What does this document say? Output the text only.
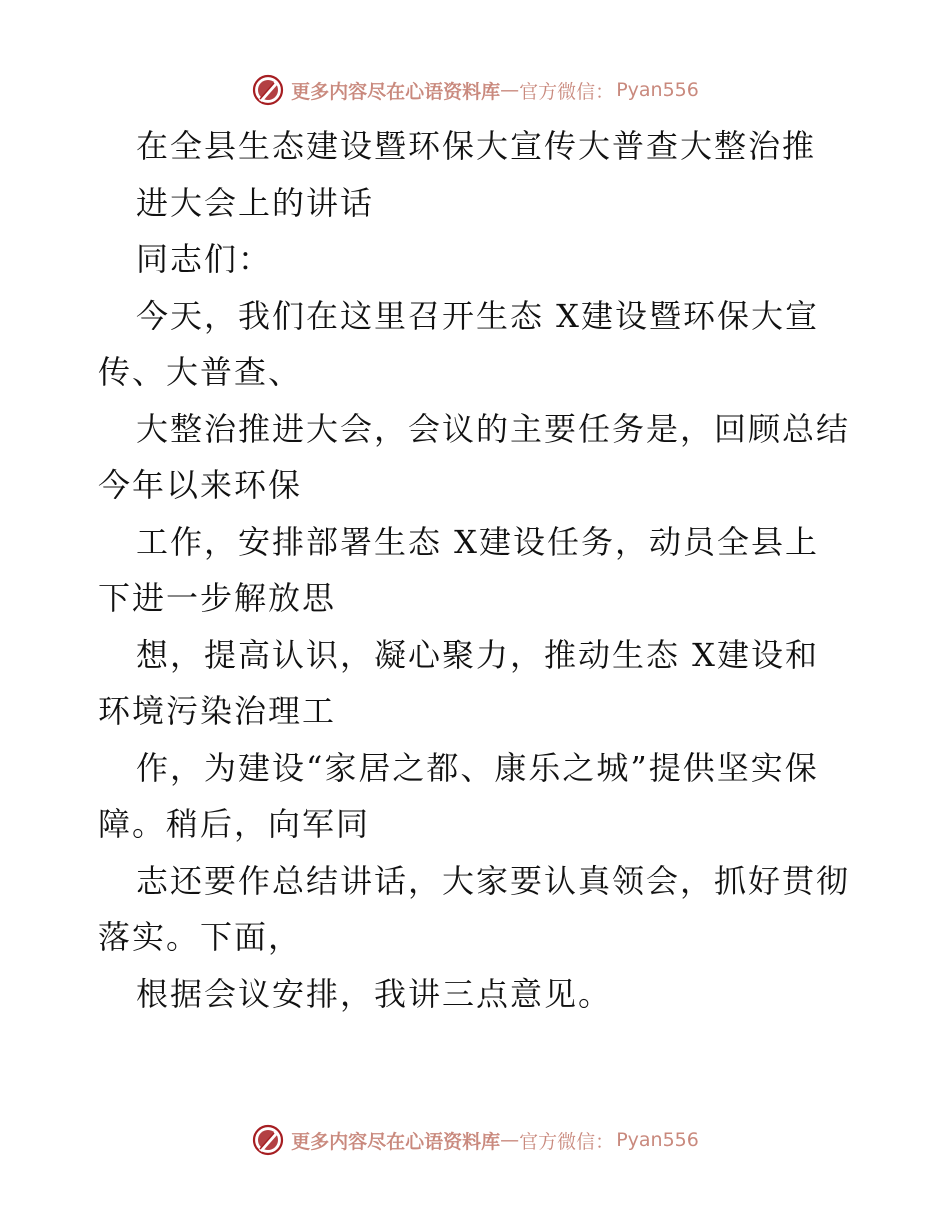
更多内容尽在心语资料库 — 官方微信： Pyan556
在全县生态建设暨环保大宣传大普查大整治推
进大会上的讲话
同志们：
今天，我们在这里召开生态 X建设暨环保大宣
传、大普查、
大整治推进大会，会议的主要任务是，回顾总结
今年以来环保
工作，安排部署生态 X建设任务，动员全县上
下进一步解放思
想，提高认识，凝心聚力，推动生态 X建设和
环境污染治理工
作，为建设“家居之都、康乐之城”提供坚实保
障。稍后，向军同
志还要作总结讲话，大家要认真领会，抓好贯彻
落实。下面，
根据会议安排，我讲三点意见。
更多内容尽在心语资料库 — 官方微信： Pyan556
